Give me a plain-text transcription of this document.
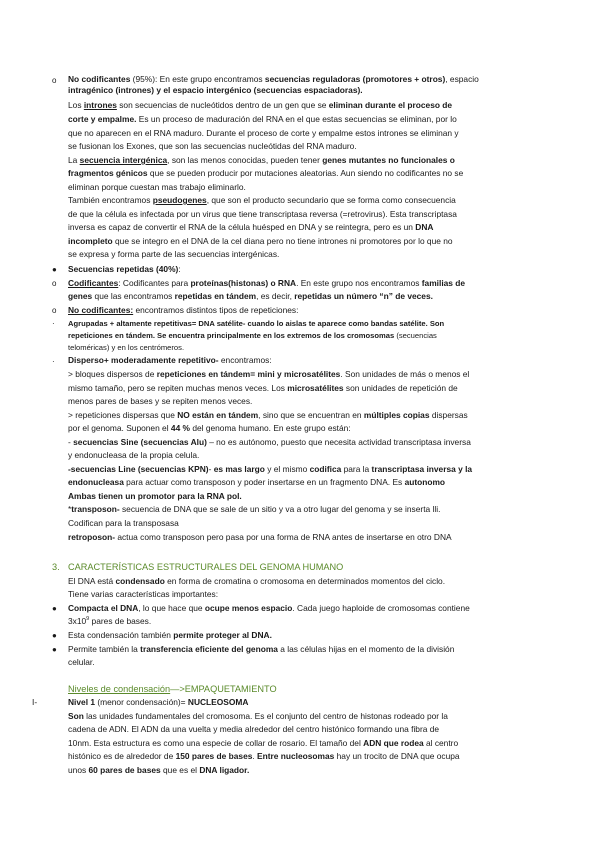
o No codificantes (95%): En este grupo encontramos secuencias reguladoras (promotores + otros), espacio
intragénico (intrones) y el espacio intergénico (secuencias espaciadoras).
Los intrones son secuencias de nucleótidos dentro de un gen que se eliminan durante el proceso de
corte y empalme. Es un proceso de maduración del RNA en el que estas secuencias se eliminan, por lo
que no aparecen en el RNA maduro. Durante el proceso de corte y empalme estos intrones se eliminan y
se fusionan los Exones, que son las secuencias nucleótidas del RNA maduro.
La secuencia intergénica, son las menos conocidas, pueden tener genes mutantes no funcionales o
fragmentos génicos que se pueden producir por mutaciones aleatorias. Aun siendo no codificantes no se
eliminan porque cuestan mas trabajo eliminarlo.
También encontramos pseudogenes, que son el producto secundario que se forma como consecuencia
de que la célula es infectada por un virus que tiene transcriptasa reversa (=retrovirus). Esta transcriptasa
inversa es capaz de convertir el RNA de la célula huésped en DNA y se reintegra, pero es un DNA
incompleto que se integro en el DNA de la cel diana pero no tiene intrones ni promotores por lo que no
se expresa y forma parte de las secuencias intergénicas.
● Secuencias repetidas (40%):
o Codificantes: Codificantes para proteínas(histonas) o RNA. En este grupo nos encontramos familias de
genes que las encontramos repetidas en tándem, es decir, repetidas un número “n” de veces.
o No codificantes: encontramos distintos tipos de repeticiones:
· Agrupadas + altamente repetitivas= DNA satélite- cuando lo aislas te aparece como bandas satélite. Son
repeticiones en tándem. Se encuentra principalmente en los extremos de los cromosomas (secuencias
teloméricas) y en los centrómeros.
· Disperso+ moderadamente repetitivo- encontramos:
> bloques dispersos de repeticiones en tándem= mini y microsatélites. Son unidades de más o menos el
mismo tamaño, pero se repiten muchas menos veces. Los microsatélites son unidades de repetición de
menos pares de bases y se repiten menos veces.
> repeticiones dispersas que NO están en tándem, sino que se encuentran en múltiples copias dispersas
por el genoma. Suponen el 44 % del genoma humano. En este grupo están:
- secuencias Sine (secuencias Alu) – no es autónomo, puesto que necesita actividad transcriptasa inversa
y endonucleasa de la propia celula.
-secuencias Line (secuencias KPN)- es mas largo y el mismo codifica para la transcriptasa inversa y la
endonucleasa para actuar como transposon y poder insertarse en un fragmento DNA. Es autonomo
Ambas tienen un promotor para la RNA pol.
*transposon- secuencia de DNA que se sale de un sitio y va a otro lugar del genoma y se inserta lli.
Codifican para la transposasa
retroposon- actua como transposon pero pasa por una forma de RNA antes de insertarse en otro DNA
3. CARACTERÍSTICAS ESTRUCTURALES DEL GENOMA HUMANO
El DNA está condensado en forma de cromatina o cromosoma en determinados momentos del ciclo.
Tiene varias características importantes:
● Compacta el DNA, lo que hace que ocupe menos espacio. Cada juego haploide de cromosomas contiene
$3x10^9$ pares de bases.
● Esta condensación también permite proteger al DNA.
● Permite también la transferencia eficiente del genoma a las células hijas en el momento de la división
celular.
Niveles de condensación—>EMPAQUETAMIENTO
I-	Nivel 1 (menor condensación)= NUCLEOSOMA
Son las unidades fundamentales del cromosoma. Es el conjunto del centro de histonas rodeado por la
cadena de ADN. El ADN da una vuelta y media alrededor del centro histónico formando una fibra de
10nm. Esta estructura es como una especie de collar de rosario. El tamaño del ADN que rodea al centro
histónico es de alrededor de 150 pares de bases. Entre nucleosomas hay un trocito de DNA que ocupa
unos 60 pares de bases que es el DNA ligador.
